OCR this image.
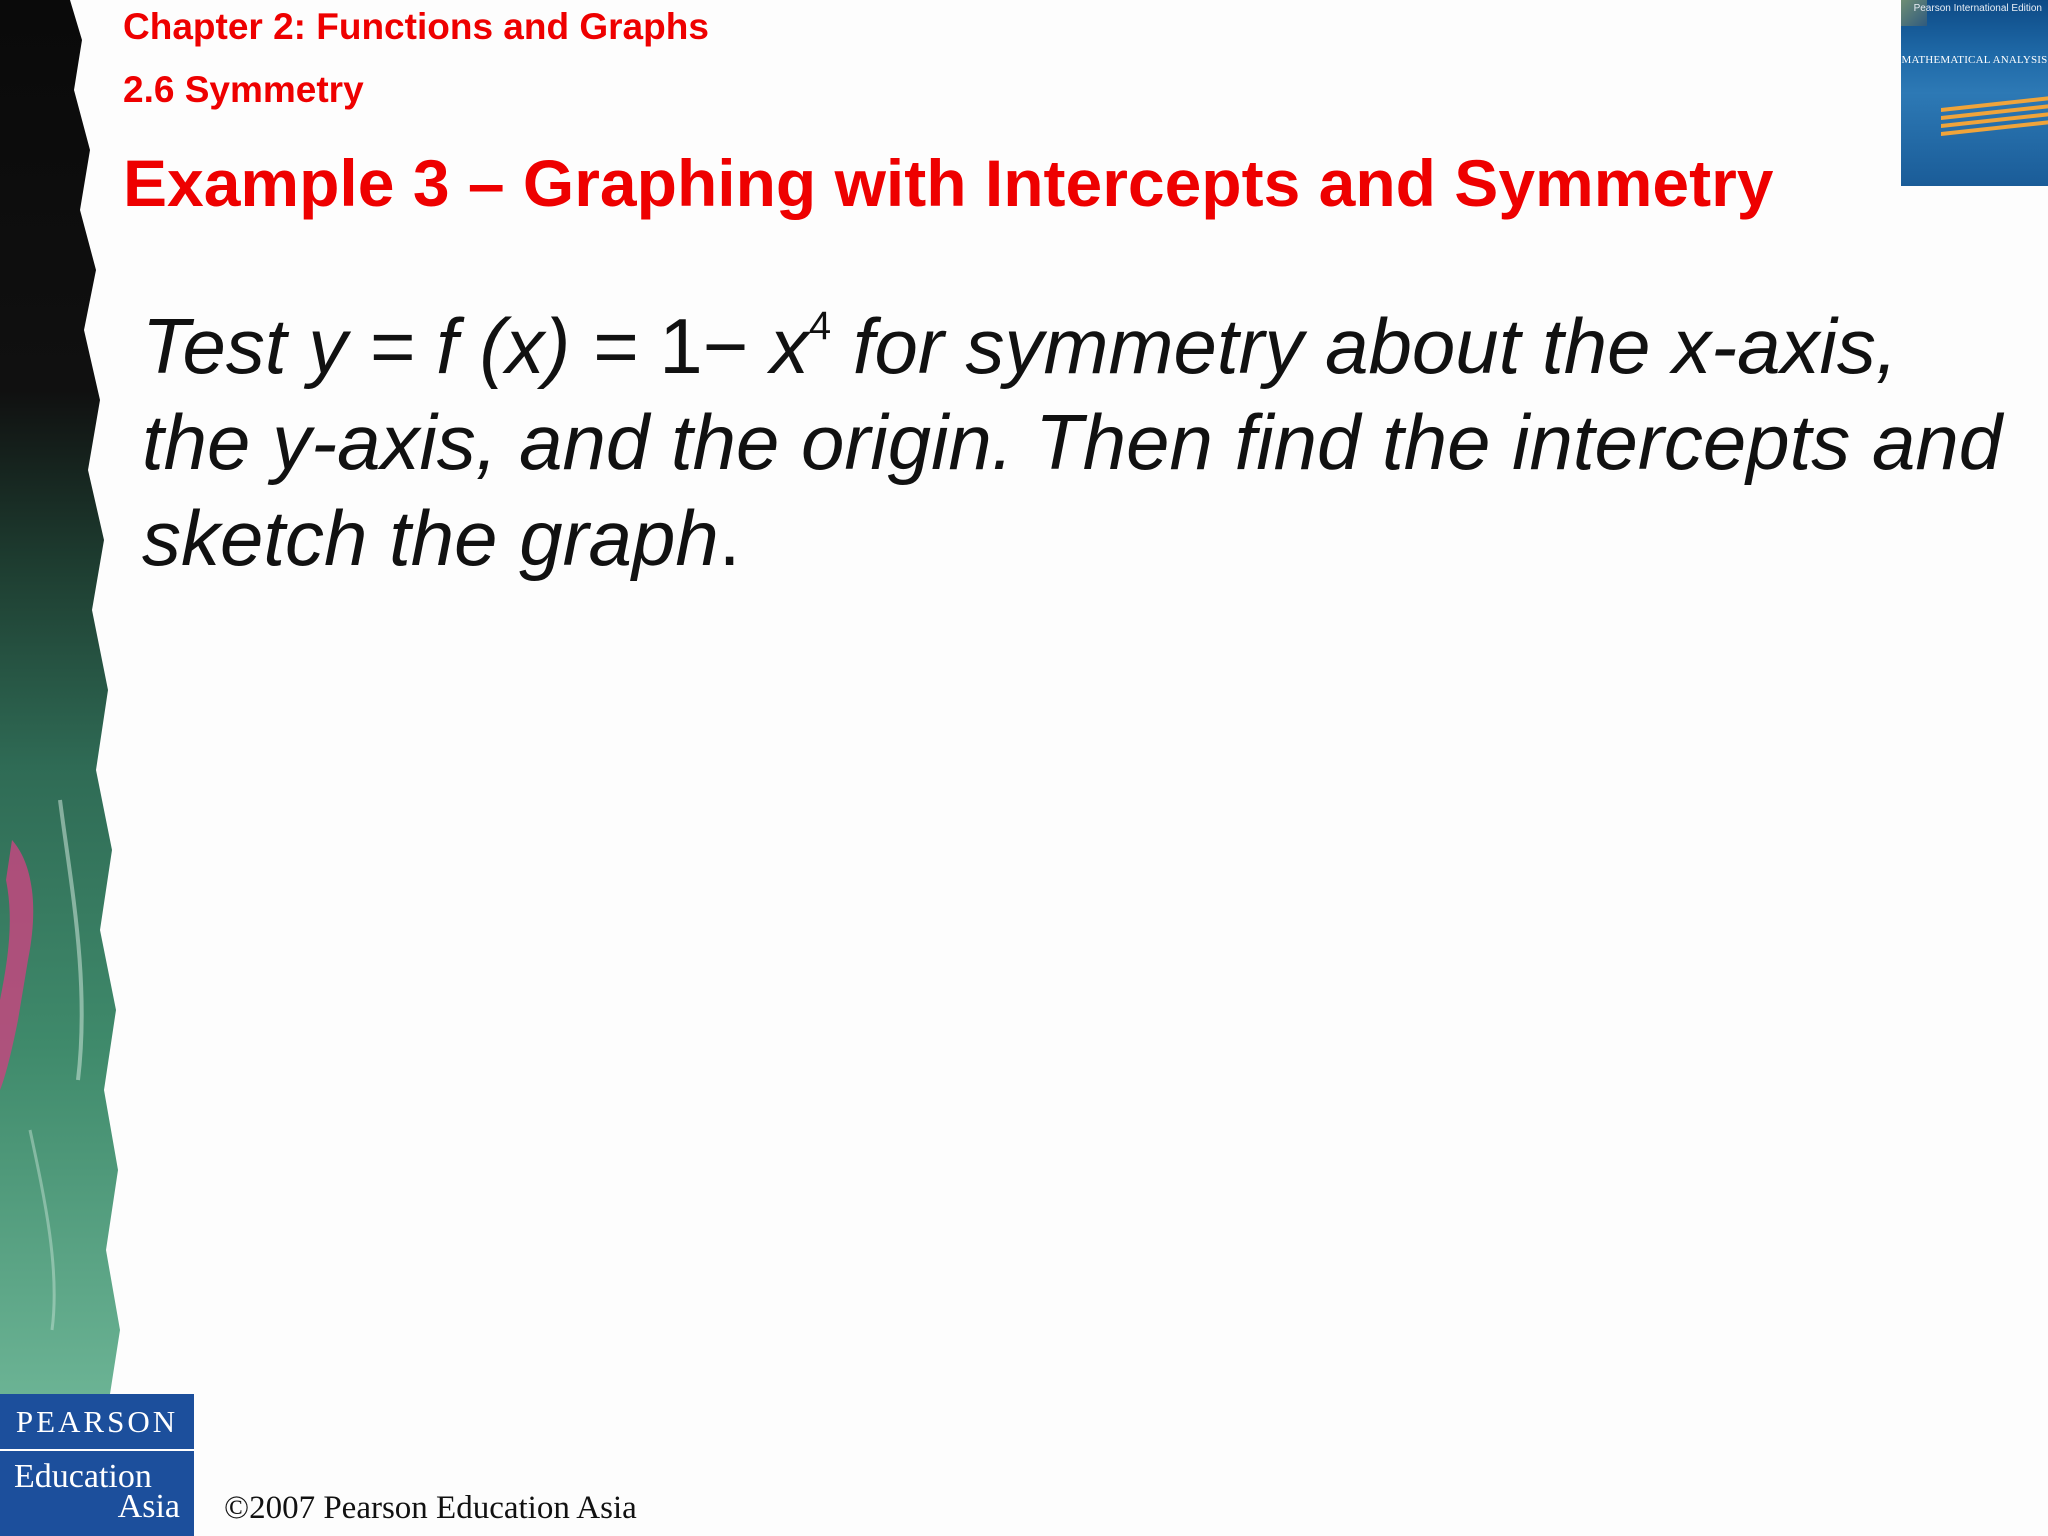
Chapter 2: Functions and Graphs
2.6 Symmetry
Example 3 – Graphing with Intercepts and Symmetry
Pearson International Edition
MATHEMATICAL ANALYSIS

Test y = f $(x) = 1- x^4$ for symmetry about the x-axis, the y-axis, and the origin. Then find the intercepts and sketch the graph.

PEARSON
Education
Asia ©2007 Pearson Education Asia
